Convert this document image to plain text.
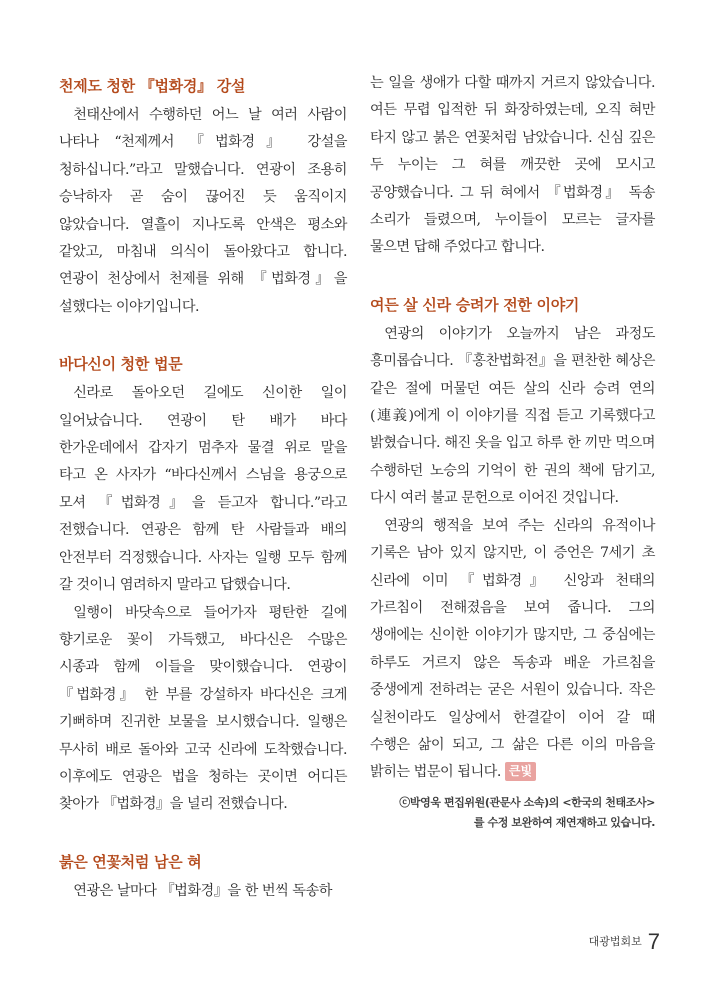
천제도 청한 『법화경』 강설

천태산에서 수행하던 어느 날 여러 사람이 나타나 “천제께서 『법화경』 강설을 청하십니다.”라고 말했습니다. 연광이 조용히 승낙하자 곧 숨이 끊어진 듯 움직이지 않았습니다. 열흘이 지나도록 안색은 평소와 같았고, 마침내 의식이 돌아왔다고 합니다. 연광이 천상에서 천제를 위해 『법화경』을 설했다는 이야기입니다.

바다신이 청한 법문

신라로 돌아오던 길에도 신이한 일이 일어났습니다. 연광이 탄 배가 바다 한가운데에서 갑자기 멈추자 물결 위로 말을 타고 온 사자가 “바다신께서 스님을 용궁으로 모셔 『법화경』을 듣고자 합니다.”라고 전했습니다. 연광은 함께 탄 사람들과 배의 안전부터 걱정했습니다. 사자는 일행 모두 함께 갈 것이니 염려하지 말라고 답했습니다.

일행이 바닷속으로 들어가자 평탄한 길에 향기로운 꽃이 가득했고, 바다신은 수많은 시종과 함께 이들을 맞이했습니다. 연광이 『법화경』 한 부를 강설하자 바다신은 크게 기뻐하며 진귀한 보물을 보시했습니다. 일행은 무사히 배로 돌아와 고국 신라에 도착했습니다. 이후에도 연광은 법을 청하는 곳이면 어디든 찾아가 『법화경』을 널리 전했습니다.

붉은 연꽃처럼 남은 혀

연광은 날마다 『법화경』을 한 번씩 독송하

는 일을 생애가 다할 때까지 거르지 않았습니다. 여든 무렵 입적한 뒤 화장하였는데, 오직 혀만 타지 않고 붉은 연꽃처럼 남았습니다. 신심 깊은 두 누이는 그 혀를 깨끗한 곳에 모시고 공양했습니다. 그 뒤 혀에서 『법화경』 독송 소리가 들렸으며, 누이들이 모르는 글자를 물으면 답해 주었다고 합니다.

여든 살 신라 승려가 전한 이야기

연광의 이야기가 오늘까지 남은 과정도 흥미롭습니다. 『홍찬법화전』을 편찬한 혜상은 같은 절에 머물던 여든 살의 신라 승려 연의(連義)에게 이 이야기를 직접 듣고 기록했다고 밝혔습니다. 해진 옷을 입고 하루 한 끼만 먹으며 수행하던 노승의 기억이 한 권의 책에 담기고, 다시 여러 불교 문헌으로 이어진 것입니다.

연광의 행적을 보여 주는 신라의 유적이나 기록은 남아 있지 않지만, 이 증언은 7세기 초 신라에 이미 『법화경』 신앙과 천태의 가르침이 전해졌음을 보여 줍니다. 그의 생애에는 신이한 이야기가 많지만, 그 중심에는 하루도 거르지 않은 독송과 배운 가르침을 중생에게 전하려는 굳은 서원이 있습니다. 작은 실천이라도 일상에서 한결같이 이어 갈 때 수행은 삶이 되고, 그 삶은 다른 이의 마음을 밝히는 법문이 됩니다. 큰빛

ⓒ박영욱 편집위원(관문사 소속)의 <한국의 천태조사>
를 수정 보완하여 재연재하고 있습니다.
$^{대광법회보}$ 7
